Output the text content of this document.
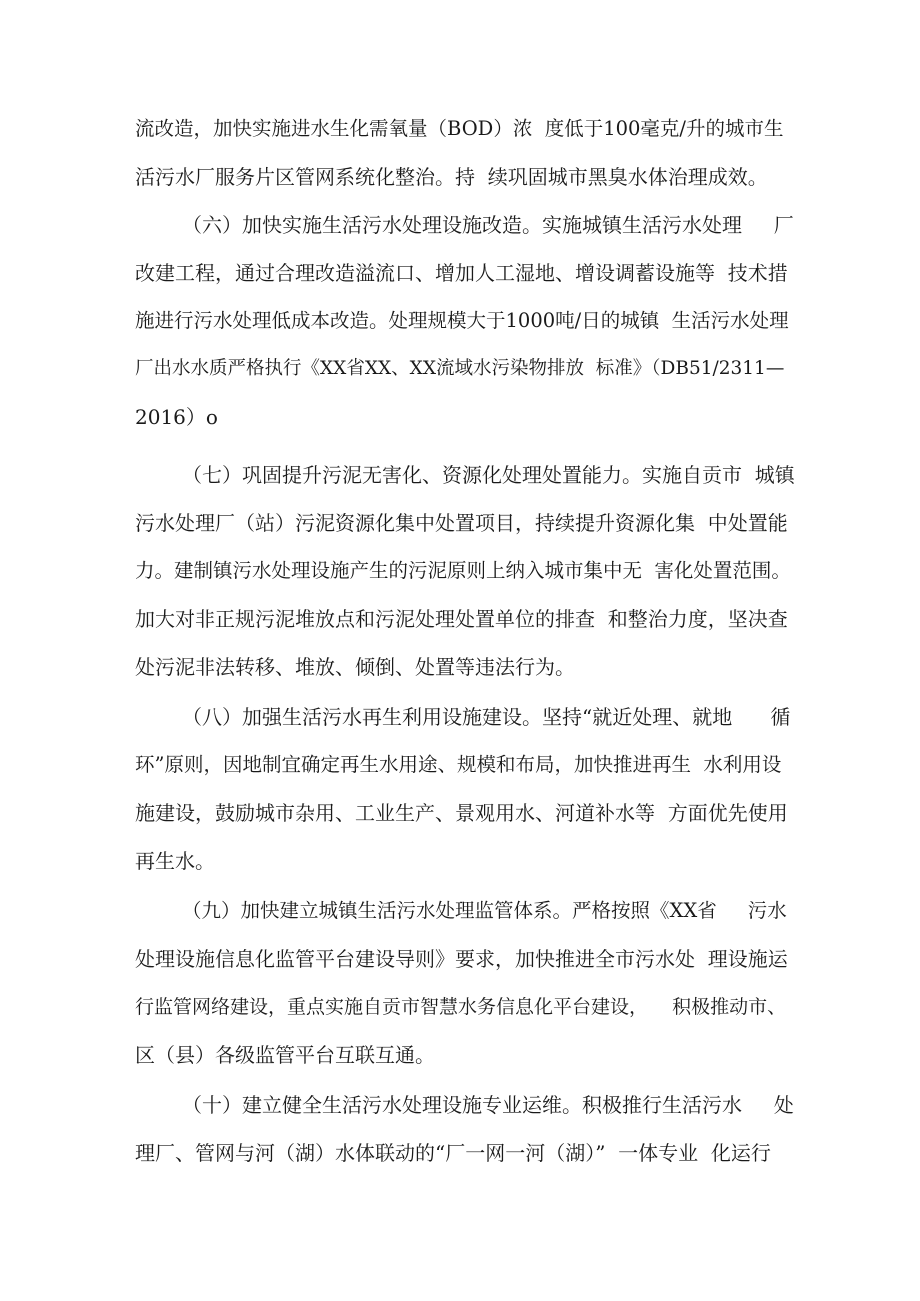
流改造，加快实施进水生化需氧量（BOD）浓  度低于100毫克/升的城市生
活污水厂服务片区管网系统化整治。持  续巩固城市黑臭水体治理成效。
（六）加快实施生活污水处理设施改造。实施城镇生活污水处理     厂
改建工程，通过合理改造溢流口、增加人工湿地、增设调蓄设施等  技术措
施进行污水处理低成本改造。处理规模大于1000吨/日的城镇  生活污水处理
厂出水水质严格执行《XX省XX、XX流域水污染物排放  标准》（DB51/2311—
2016）o
（七）巩固提升污泥无害化、资源化处理处置能力。实施自贡市  城镇
污水处理厂（站）污泥资源化集中处置项目，持续提升资源化集  中处置能
力。建制镇污水处理设施产生的污泥原则上纳入城市集中无  害化处置范围。
加大对非正规污泥堆放点和污泥处理处置单位的排查  和整治力度，坚决查
处污泥非法转移、堆放、倾倒、处置等违法行为。
（八）加强生活污水再生利用设施建设。坚持“就近处理、就地      循
环”原则，因地制宜确定再生水用途、规模和布局，加快推进再生  水利用设
施建设，鼓励城市杂用、工业生产、景观用水、河道补水等  方面优先使用
再生水。
（九）加快建立城镇生活污水处理监管体系。严格按照《XX省     污水
处理设施信息化监管平台建设导则》要求，加快推进全市污水处  理设施运
行监管网络建设，重点实施自贡市智慧水务信息化平台建设，    积极推动市、
区（县）各级监管平台互联互通。
（十）建立健全生活污水处理设施专业运维。积极推行生活污水     处
理厂、管网与河（湖）水体联动的“厂一网一河（湖）”  一体专业  化运行
